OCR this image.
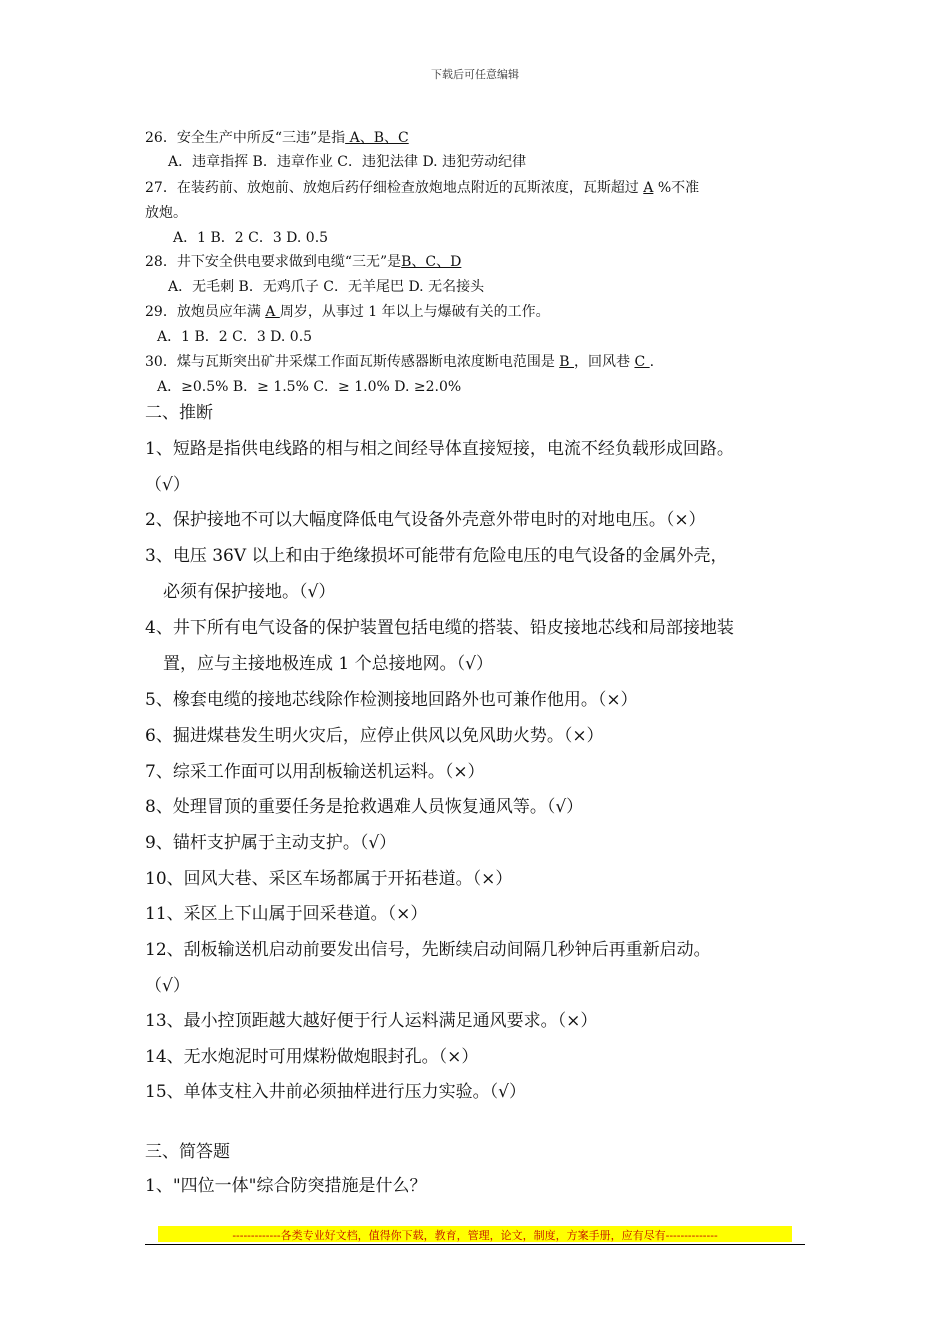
下载后可任意编辑
26．安全生产中所反“三违”是指 A、B、C
A．违章指挥 B．违章作业 C．违犯法律 D. 违犯劳动纪律
27．在装药前、放炮前、放炮后药仔细检查放炮地点附近的瓦斯浓度，瓦斯超过 A %不准
放炮。
A．1 B．2 C．3 D. 0.5
28．井下安全供电要求做到电缆“三无”是B、C、D
A．无毛刺 B．无鸡爪子 C．无羊尾巴 D. 无名接头
29．放炮员应年满 A 周岁，从事过 1 年以上与爆破有关的工作。
A．1 B．2 C．3 D. 0.5
30．煤与瓦斯突出矿井采煤工作面瓦斯传感器断电浓度断电范围是 B ，回风巷 C .
A．≥0.5% B．≥ 1.5% C．≥ 1.0% D. ≥2.0%
二、推断
1、短路是指供电线路的相与相之间经导体直接短接，电流不经负载形成回路。
（√）
2、保护接地不可以大幅度降低电气设备外壳意外带电时的对地电压。（×）
3、电压 36V 以上和由于绝缘损坏可能带有危险电压的电气设备的金属外壳，
必须有保护接地。（√）
4、井下所有电气设备的保护装置包括电缆的搭装、铅皮接地芯线和局部接地装
置，应与主接地极连成 1 个总接地网。（√）
5、橡套电缆的接地芯线除作检测接地回路外也可兼作他用。（×）
6、掘进煤巷发生明火灾后，应停止供风以免风助火势。（×）
7、综采工作面可以用刮板输送机运料。（×）
8、处理冒顶的重要任务是抢救遇难人员恢复通风等。（√）
9、锚杆支护属于主动支护。（√）
10、回风大巷、采区车场都属于开拓巷道。（×）
11、采区上下山属于回采巷道。（×）
12、刮板输送机启动前要发出信号，先断续启动间隔几秒钟后再重新启动。
（√）
13、最小控顶距越大越好便于行人运料满足通风要求。（×）
14、无水炮泥时可用煤粉做炮眼封孔。（×）
15、单体支柱入井前必须抽样进行压力实验。（√）
三、简答题
1、"四位一体"综合防突措施是什么？
-------------各类专业好文档，值得你下载，教育，管理，论文，制度，方案手册，应有尽有--------------
